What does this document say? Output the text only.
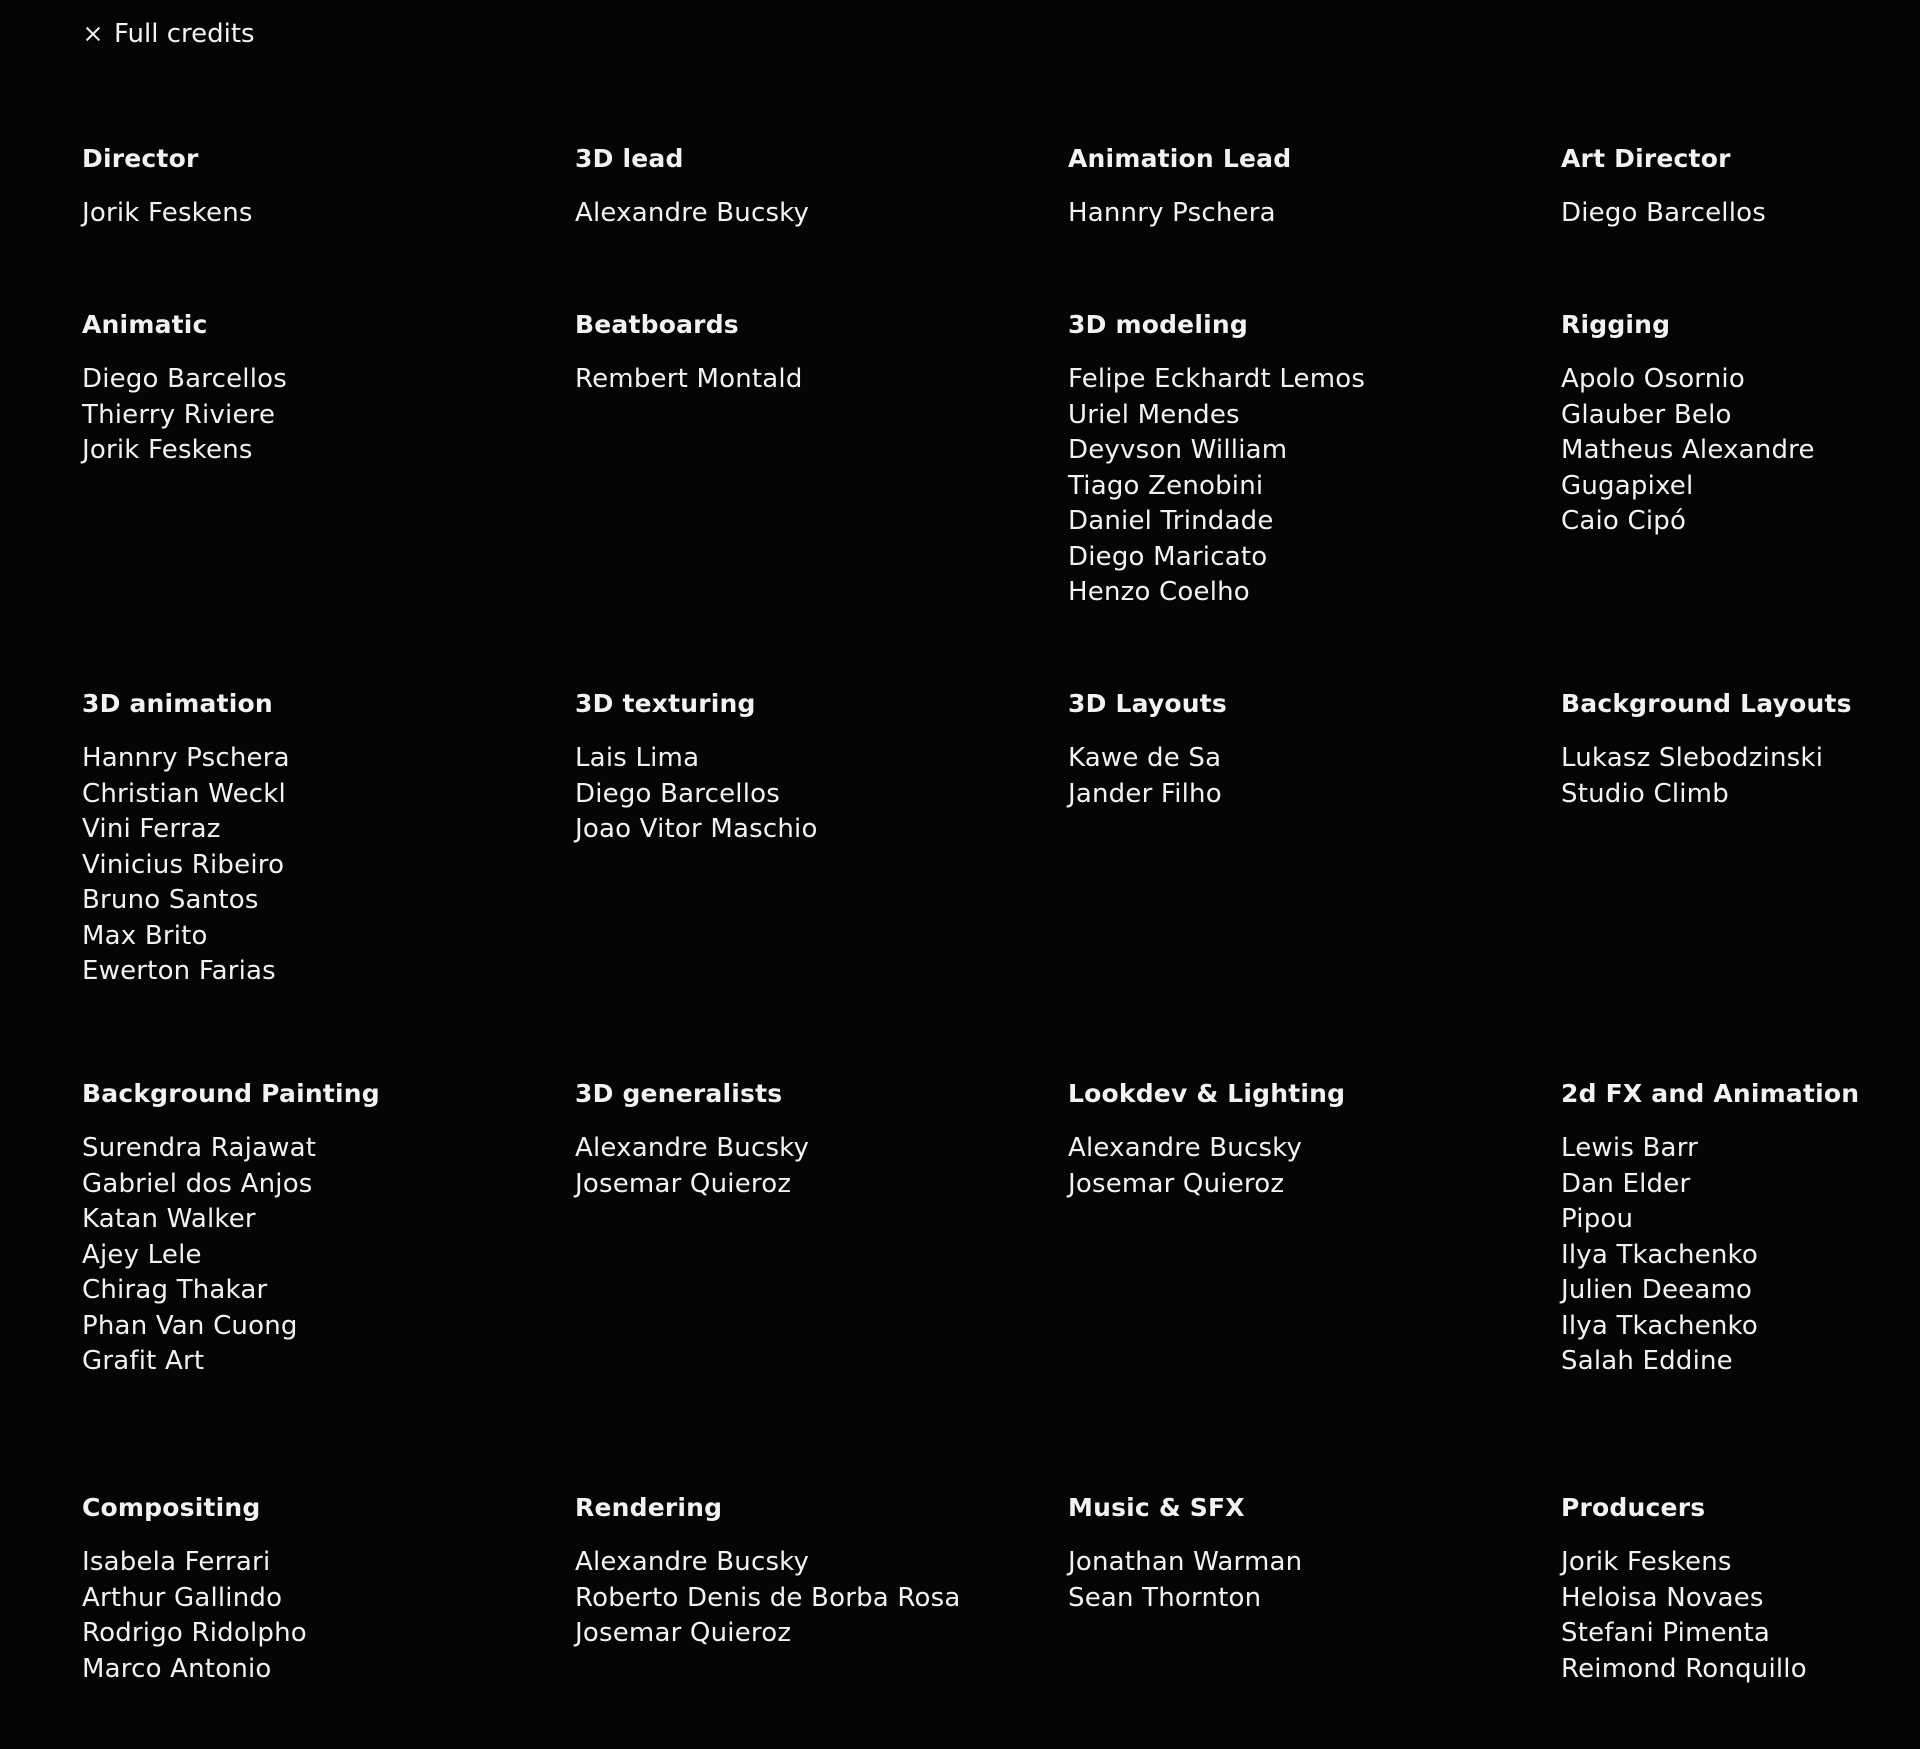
Full credits
Director
Jorik Feskens
3D lead
Alexandre Bucsky
Animation Lead
Hannry Pschera
Art Director
Diego Barcellos
Animatic
Diego Barcellos
Thierry Riviere
Jorik Feskens
Beatboards
Rembert Montald
3D modeling
Felipe Eckhardt Lemos
Uriel Mendes
Deyvson William
Tiago Zenobini
Daniel Trindade
Diego Maricato
Henzo Coelho
Rigging
Apolo Osornio
Glauber Belo
Matheus Alexandre
Gugapixel
Caio Cipó
3D animation
Hannry Pschera
Christian Weckl
Vini Ferraz
Vinicius Ribeiro
Bruno Santos
Max Brito
Ewerton Farias
3D texturing
Lais Lima
Diego Barcellos
Joao Vitor Maschio
3D Layouts
Kawe de Sa
Jander Filho
Background Layouts
Lukasz Slebodzinski
Studio Climb
Background Painting
Surendra Rajawat
Gabriel dos Anjos
Katan Walker
Ajey Lele
Chirag Thakar
Phan Van Cuong
Grafit Art
3D generalists
Alexandre Bucsky
Josemar Quieroz
Lookdev & Lighting
Alexandre Bucsky
Josemar Quieroz
2d FX and Animation
Lewis Barr
Dan Elder
Pipou
Ilya Tkachenko
Julien Deeamo
Ilya Tkachenko
Salah Eddine
Compositing
Isabela Ferrari
Arthur Gallindo
Rodrigo Ridolpho
Marco Antonio
Rendering
Alexandre Bucsky
Roberto Denis de Borba Rosa
Josemar Quieroz
Music & SFX
Jonathan Warman
Sean Thornton
Producers
Jorik Feskens
Heloisa Novaes
Stefani Pimenta
Reimond Ronquillo
